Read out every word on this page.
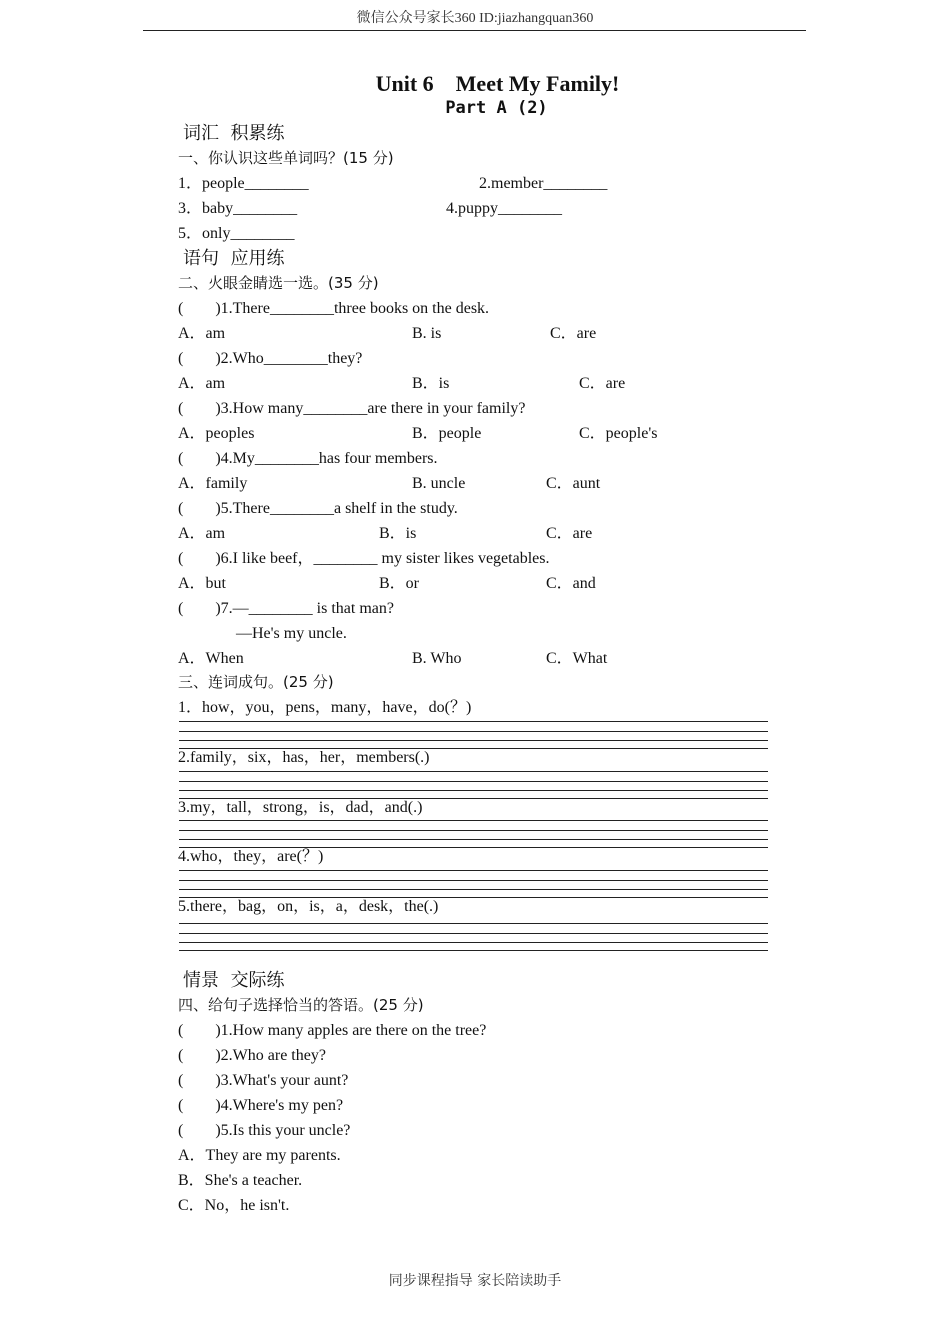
微信公众号家长360 ID:jiazhangquan360
Unit 6    Meet My Family!
Part A (2)
词汇  积累练
一、你认识这些单词吗？(15 分)
1．people________	2.member________
3．baby________	4.puppy________
5．only________
语句  应用练
二、火眼金睛选一选。(35 分)
(        )1.There________three books on the desk.
A．am	B. is	C．are
(        )2.Who________they?
A．am	B．is	C．are
(        )3.How many________are there in your family?
A．peoples	B．people	C．people's
(        )4.My________has four members.
A．family	B. uncle	C．aunt
(        )5.There________a shelf in the study.
A．am	B．is	C．are
(        )6.I like beef，________ my sister likes vegetables.
A．but	B．or	C．and
(        )7.—________ is that man?
—He's my uncle.
A．When	B. Who	C．What
三、连词成句。(25 分)
1．how，you，pens，many，have，do(？)
2.family，six，has，her，members(.)
3.my，tall，strong，is，dad，and(.)
4.who，they，are(？)
5.there，bag，on，is，a，desk，the(.)
情景  交际练
四、给句子选择恰当的答语。(25 分)
(        )1.How many apples are there on the tree?
(        )2.Who are they?
(        )3.What's your aunt?
(        )4.Where's my pen?
(        )5.Is this your uncle?
A．They are my parents.
B．She's a teacher.
C．No，he isn't.
同步课程指导 家长陪读助手
